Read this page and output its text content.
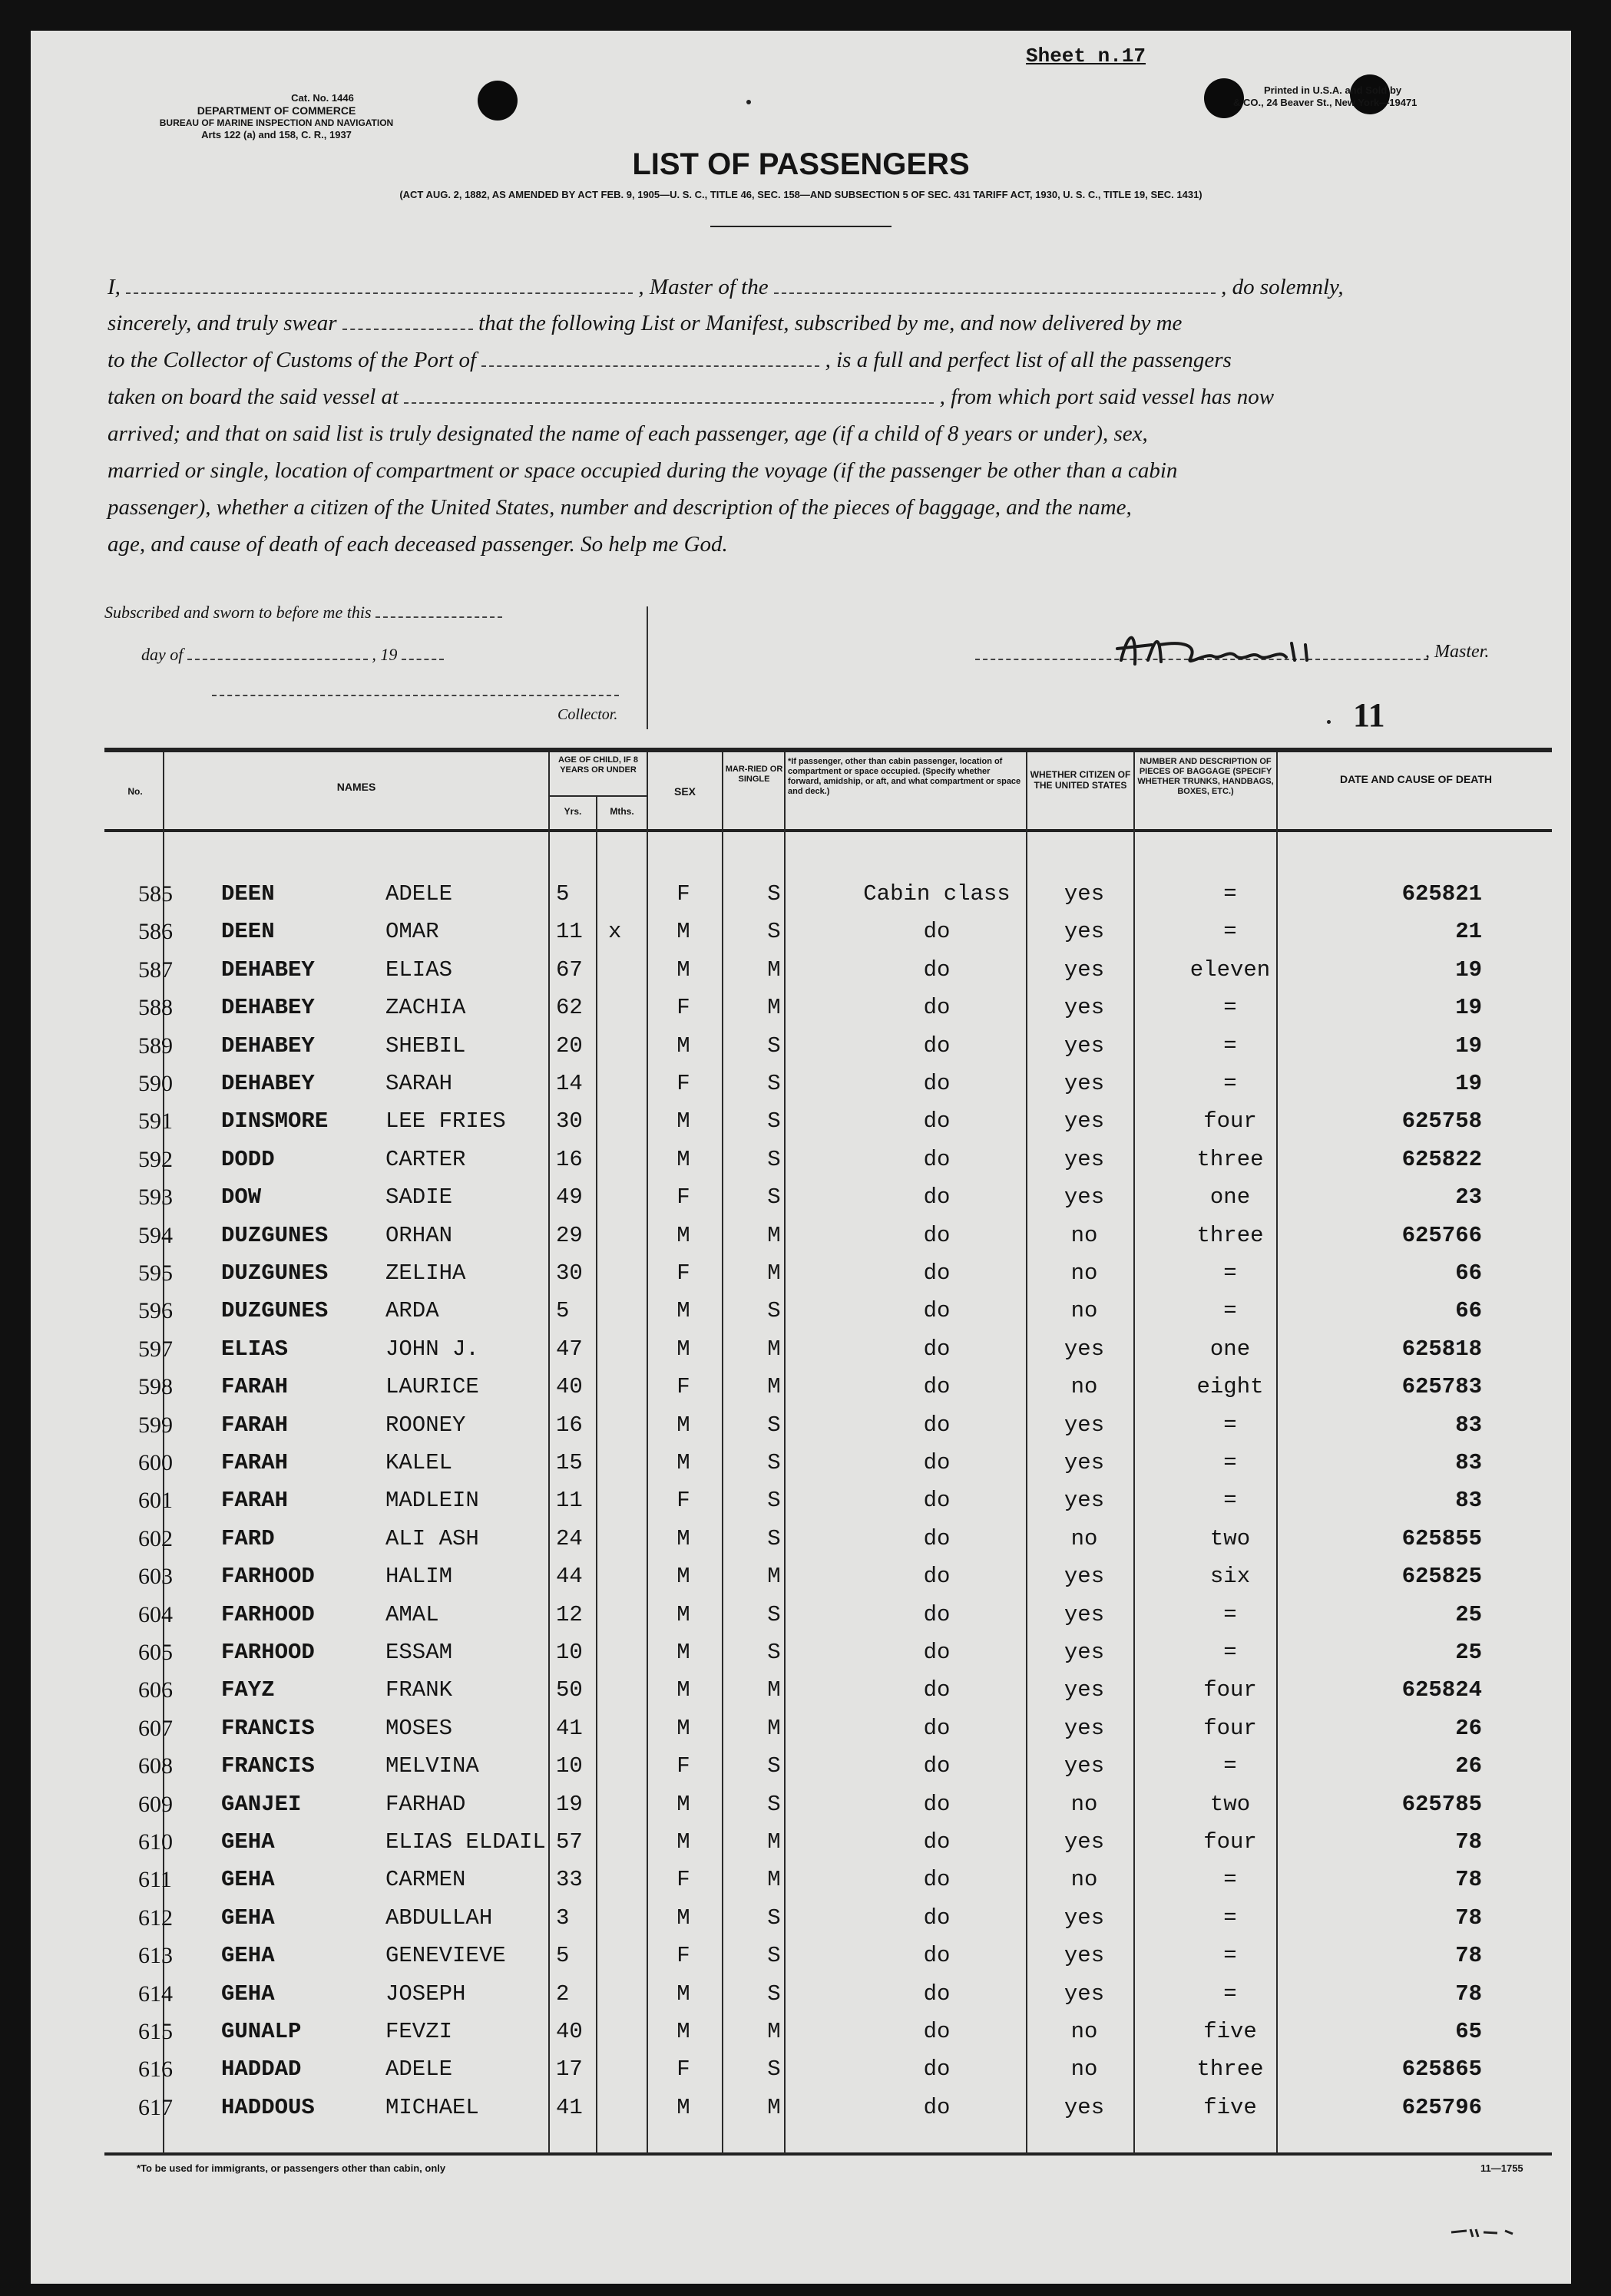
Cat. No. 1446
DEPARTMENT OF COMMERCE
BUREAU OF MARINE INSPECTION AND NAVIGATION
Arts 122 (a) and 158, C. R., 1937
Sheet n.17
Printed in U.S.A. and Sold by
& CO., 24 Beaver St., New York—19471
LIST OF PASSENGERS
(ACT AUG. 2, 1882, AS AMENDED BY ACT FEB. 9, 1905—U. S. C., TITLE 46, SEC. 158—AND SUBSECTION 5 OF SEC. 431 TARIFF ACT, 1930, U. S. C., TITLE 19, SEC. 1431)
I,	, Master of the	, do solemnly,
sincerely, and truly swear	that the following List or Manifest, subscribed by me, and now delivered by me
to the Collector of Customs of the Port of	, is a full and perfect list of all the passengers
taken on board the said vessel at	, from which port said vessel has now
arrived; and that on said list is truly designated the name of each passenger, age (if a child of 8 years or under), sex,
married or single, location of compartment or space occupied during the voyage (if the passenger be other than a cabin
passenger), whether a citizen of the United States, number and description of the pieces of baggage, and the name,
age, and cause of death of each deceased passenger. So help me God.
Subscribed and sworn to before me this
day of	, 19
Collector.
, Master.
11
No.	NAMES
AGE OF CHILD, IF 8 YEARS OR UNDER
Yrs.	Mths.
SEX
MAR-RIED OR SINGLE
*If passenger, other than cabin passenger, location of compartment or space occupied. (Specify whether forward, amidship, or aft, and what compartment or space and deck.)
WHETHER CITIZEN OF THE UNITED STATES
NUMBER AND DESCRIPTION OF PIECES OF BAGGAGE (SPECIFY WHETHER TRUNKS, HANDBAGS, BOXES, ETC.)
DATE AND CAUSE OF DEATH
585 DEEN	ADELE	5	F	S	Cabin class yes	=	625821
586 DEEN	OMAR	11 x M	S	do	yes	=	21
587 DEHABEY	ELIAS	67	M	M	do	yes	eleven	19
588 DEHABEY	ZACHIA	62	F	M	do	yes	=	19
589 DEHABEY	SHEBIL	20	M	S	do	yes	=	19
590 DEHABEY	SARAH	14	F	S	do	yes	=	19
591 DINSMORE	LEE FRIES 30	M	S	do	yes	four	625758
592 DODD	CARTER	16	M	S	do	yes	three	625822
593 DOW	SADIE	49	F	S	do	yes	one	23
594 DUZGUNES	ORHAN	29	M	M	do	no	three	625766
595 DUZGUNES	ZELIHA	30	F	M	do	no	=	66
596 DUZGUNES	ARDA	5	M	S	do	no	=	66
597 ELIAS	JOHN J.	47	M	M	do	yes	one	625818
598 FARAH	LAURICE	40	F	M	do	no	eight	625783
599 FARAH	ROONEY	16	M	S	do	yes	=	83
600 FARAH	KALEL	15	M	S	do	yes	=	83
601 FARAH	MADLEIN	11	F	S	do	yes	=	83
602 FARD	ALI ASH	24	M	S	do	no	two	625855
603 FARHOOD	HALIM	44	M	M	do	yes	six	625825
604 FARHOOD	AMAL	12	M	S	do	yes	=	25
605 FARHOOD	ESSAM	10	M	S	do	yes	=	25
606 FAYZ	FRANK	50	M	M	do	yes	four	625824
607 FRANCIS	MOSES	41	M	M	do	yes	four	26
608 FRANCIS	MELVINA	10	F	S	do	yes	=	26
609 GANJEI	FARHAD	19	M	S	do	no	two	625785
610 GEHA	ELIAS ELDAIL 57	M	M	do	yes	four	78
611 GEHA	CARMEN	33	F	M	do	no	=	78
612 GEHA	ABDULLAH	3	M	S	do	yes	=	78
613 GEHA	GENEVIEVE 5	F	S	do	yes	=	78
614 GEHA	JOSEPH	2	M	S	do	yes	=	78
615 GUNALP	FEVZI	40	M	M	do	no	five	65
616 HADDAD	ADELE	17	F	S	do	no	three	625865
617 HADDOUS	MICHAEL	41	M	M	do	yes	five	625796
*To be used for immigrants, or passengers other than cabin, only	11—1755
